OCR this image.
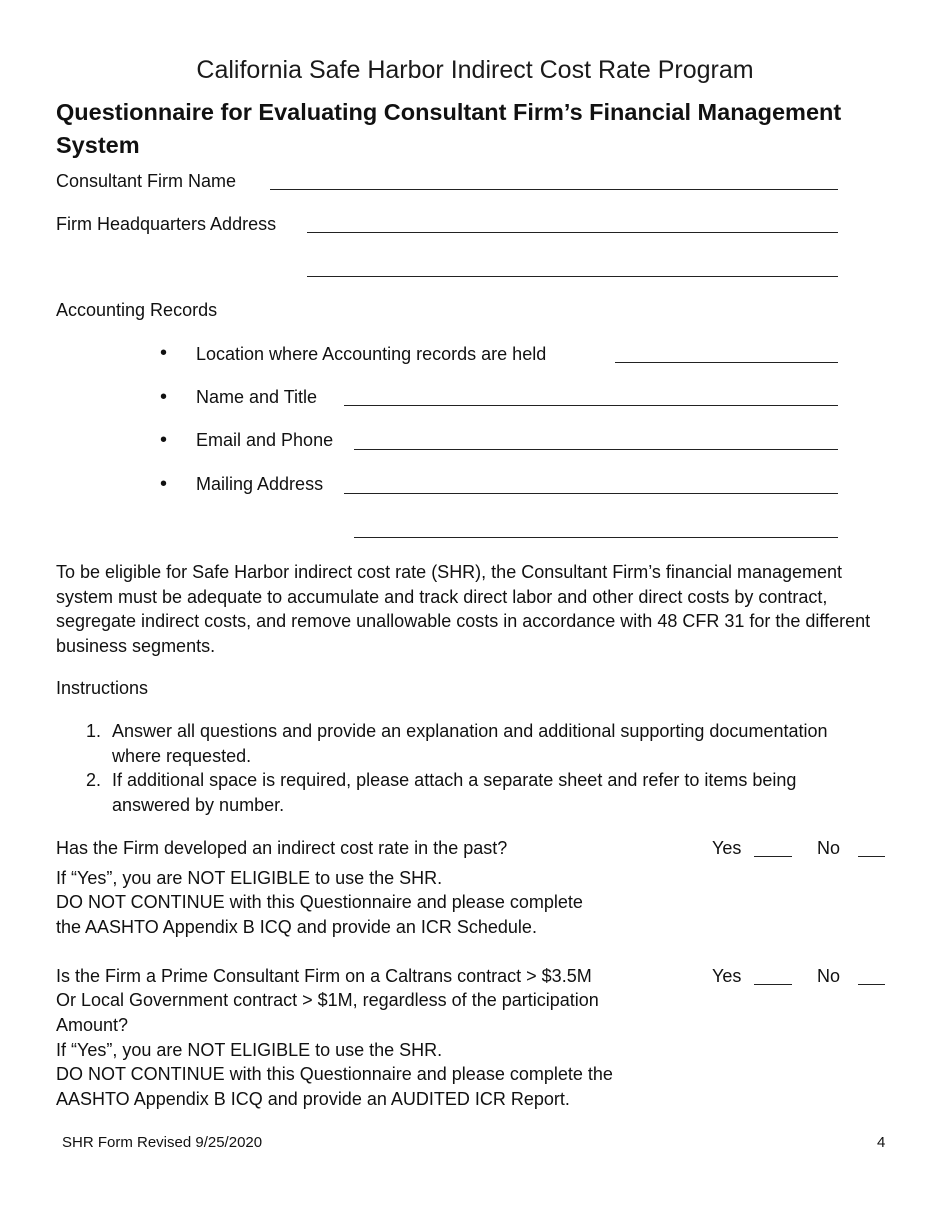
California Safe Harbor Indirect Cost Rate Program
Questionnaire for Evaluating Consultant Firm’s Financial Management System
Consultant Firm Name
Firm Headquarters Address
Accounting Records
• Location where Accounting records are held
• Name and Title
• Email and Phone
• Mailing Address
To be eligible for Safe Harbor indirect cost rate (SHR), the Consultant Firm’s financial management system must be adequate to accumulate and track direct labor and other direct costs by contract, segregate indirect costs, and remove unallowable costs in accordance with 48 CFR 31 for the different business segments.
Instructions
1. Answer all questions and provide an explanation and additional supporting documentation where requested.
2. If additional space is required, please attach a separate sheet and refer to items being answered by number.
Has the Firm developed an indirect cost rate in the past?	Yes	No
If “Yes”, you are NOT ELIGIBLE to use the SHR.
DO NOT CONTINUE with this Questionnaire and please complete
the AASHTO Appendix B ICQ and provide an ICR Schedule.
Is the Firm a Prime Consultant Firm on a Caltrans contract > $3.5M	Yes	No
Or Local Government contract > $1M, regardless of the participation
Amount?
If “Yes”, you are NOT ELIGIBLE to use the SHR.
DO NOT CONTINUE with this Questionnaire and please complete the
AASHTO Appendix B ICQ and provide an AUDITED ICR Report.
SHR Form Revised 9/25/2020	4
